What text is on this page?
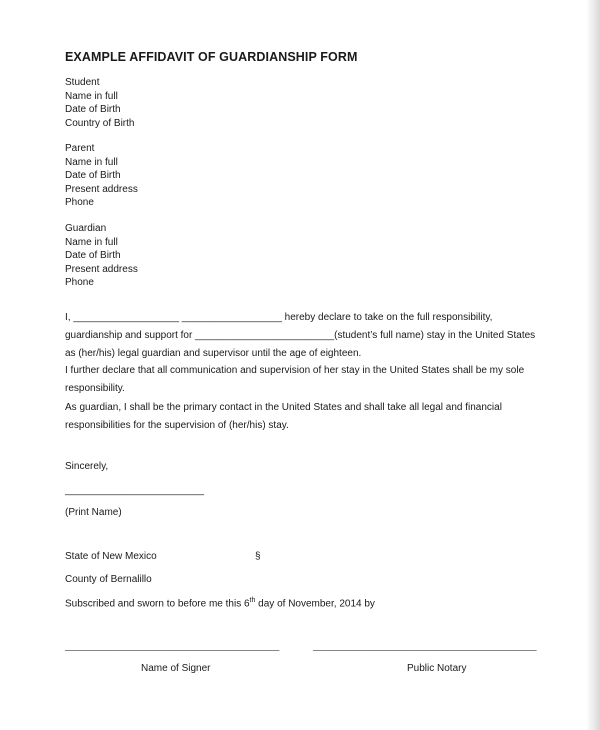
EXAMPLE AFFIDAVIT OF GUARDIANSHIP FORM
Student
Name in full
Date of Birth
Country of Birth
Parent
Name in full
Date of Birth
Present address
Phone
Guardian
Name in full
Date of Birth
Present address
Phone
I, ___________________ __________________ hereby declare to take on the full responsibility,
guardianship and support for _________________________(student’s full name) stay in the United States
as (her/his) legal guardian and supervisor until the age of eighteen.
I further declare that all communication and supervision of her stay in the United States shall be my sole
responsibility.
As guardian, I shall be the primary contact in the United States and shall take all legal and financial
responsibilities for the supervision of (her/his) stay.
Sincerely,
_________________________
(Print Name)
State of New Mexico	§
County of Bernalillo
Subscribed and sworn to before me this 6th day of November, 2014 by
______________________________________________	________________________________________________
Name of Signer	Public Notary
